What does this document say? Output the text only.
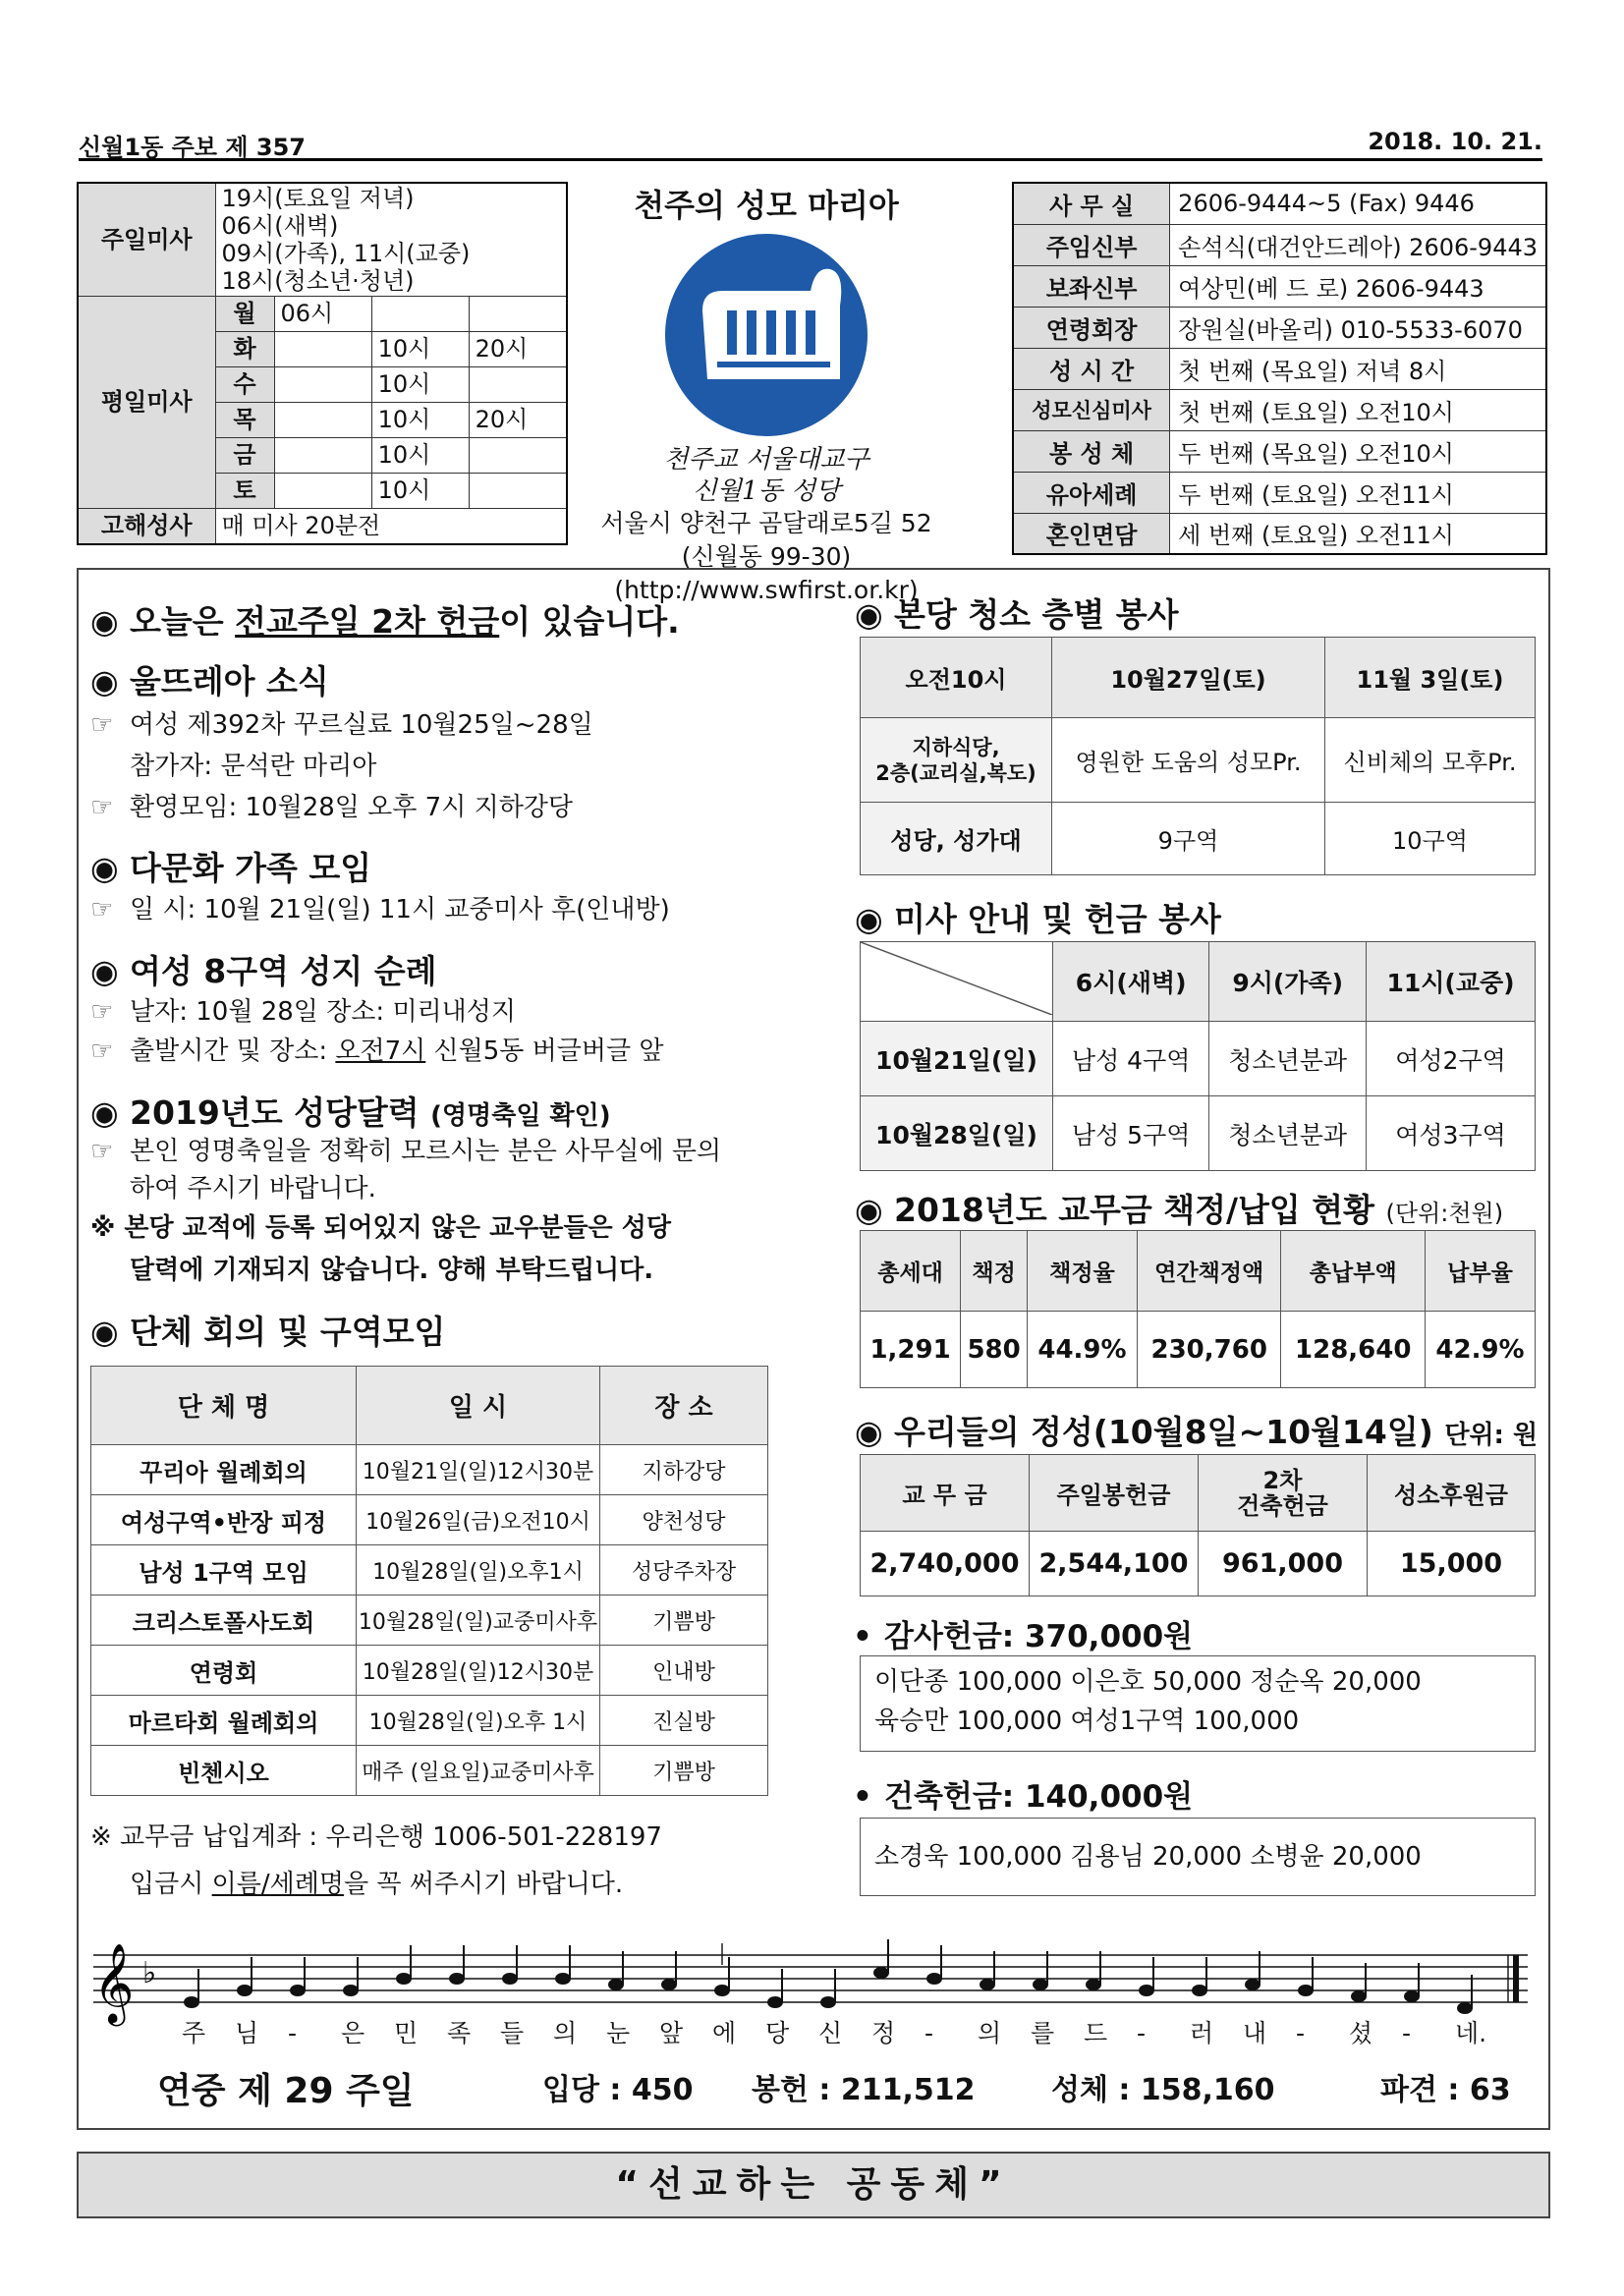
신월1동 주보 제 357	2018. 10. 21.
주일미사	19시(토요일 저녁)
06시(새벽)
09시(가족), 11시(교중)
18시(청소년·청년)			

평일미사	월	06시		
	화		10시	20시
	수		10시	
	목		10시	20시
	금		10시	
	토		10시	
고해성사	매 미사 20분전			
천주의 성모 마리아
천주교 서울대교구
신월1동 성당
서울시 양천구 곰달래로5길 52
(신월동 99-30)
(http://www.swfirst.or.kr)
사 무 실	2606-9444~5 (Fax) 9446
주임신부	손석식(대건안드레아) 2606-9443
보좌신부	여상민(베 드 로) 2606-9443
연령회장	장원실(바올리) 010-5533-6070
성 시 간	첫 번째 (목요일) 저녁 8시
성모신심미사	첫 번째 (토요일) 오전10시
봉 성 체	두 번째 (목요일) 오전10시
유아세례	두 번째 (토요일) 오전11시
혼인면담	세 번째 (토요일) 오전11시
◉ 오늘은 전교주일 2차 헌금이 있습니다.
◉ 울뜨레아 소식
☞ 여성 제392차 꾸르실료 10월25일~28일
참가자: 문석란 마리아
☞ 환영모임: 10월28일 오후 7시 지하강당
◉ 다문화 가족 모임
☞ 일 시: 10월 21일(일) 11시 교중미사 후(인내방)
◉ 여성 8구역 성지 순례
☞ 날자: 10월 28일 장소: 미리내성지
☞ 출발시간 및 장소: 오전7시 신월5동 버글버글 앞
◉ 2019년도 성당달력 (영명축일 확인)
☞ 본인 영명축일을 정확히 모르시는 분은 사무실에 문의
하여 주시기 바랍니다.
※ 본당 교적에 등록 되어있지 않은 교우분들은 성당
달력에 기재되지 않습니다. 양해 부탁드립니다.
◉ 단체 회의 및 구역모임
단 체 명	일 시	장 소
꾸리아 월례회의	10월21일(일)12시30분	지하강당
여성구역•반장 피정	10월26일(금)오전10시	양천성당
남성 1구역 모임	10월28일(일)오후1시	성당주차장
크리스토폴사도회	10월28일(일)교중미사후	기쁨방
연령회	10월28일(일)12시30분	인내방
마르타회 월례회의	10월28일(일)오후 1시	진실방
빈첸시오	매주 (일요일)교중미사후	기쁨방
※ 교무금 납입계좌 : 우리은행 1006-501-228197
입금시 이름/세례명을 꼭 써주시기 바랍니다.
◉ 본당 청소 층별 봉사
오전10시	10월27일(토)	11월 3일(토)

지하식당,
2층(교리실,복도)	영원한 도움의 성모Pr.	신비체의 모후Pr.
성당, 성가대	9구역	10구역
◉ 미사 안내 및 헌금 봉사
	6시(새벽)	9시(가족)	11시(교중)
10월21일(일)	남성 4구역	청소년분과	여성2구역
10월28일(일)	남성 5구역	청소년분과	여성3구역
◉ 2018년도 교무금 책정/납입 현황 (단위:천원)
총세대	책정	책정율	연간책정액	총납부액	납부율
1,291	580	44.9%	230,760	128,640	42.9%
◉ 우리들의 정성(10월8일~10월14일) 단위: 원
교 무 금	주일봉헌금	2차
건축헌금	성소후원금
2,740,000	2,544,100	961,000	15,000
• 감사헌금: 370,000원
이단종 100,000 이은호 50,000 정순옥 20,000
육승만 100,000 여성1구역 100,000
• 건축헌금: 140,000원
소경욱 100,000 김용님 20,000 소병윤 20,000
𝄞 ♭
주 님 - 은 민 족 들 의 눈 앞 에 당 신 정 - 의 를 드 - 러 내 - 셨 - 네.
연중 제 29 주일	입당 : 450 봉헌 : 211,512	성체 : 158,160	파견 : 63
“선교하는 공동체”
